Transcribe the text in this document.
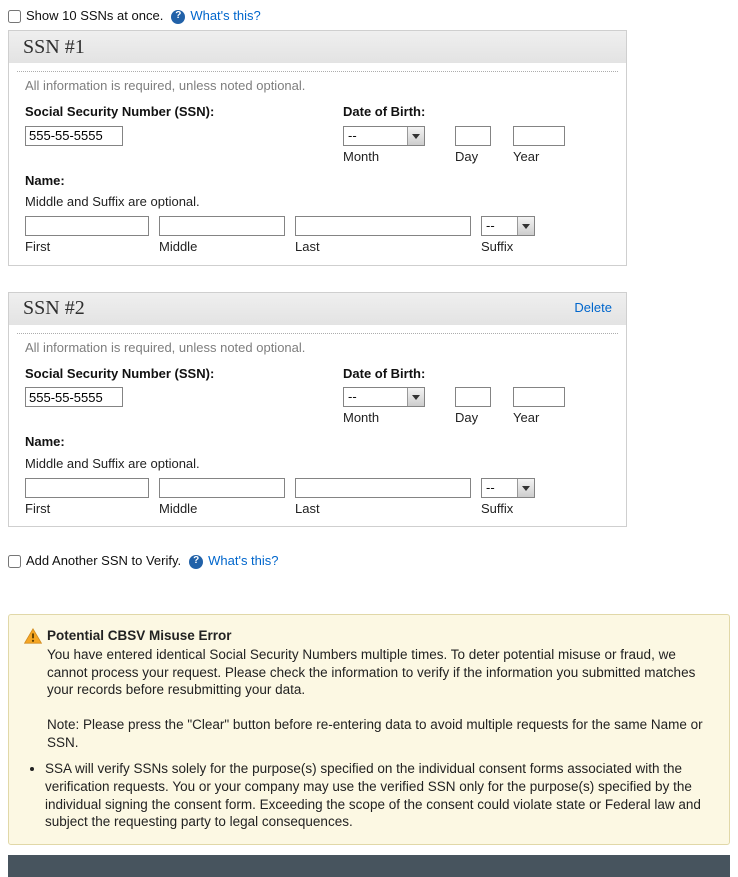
Show 10 SSNs at once.	? What's this?
SSN #1
All information is required, unless noted optional.
Social Security Number (SSN):
555-55-5555	Date of Birth:
--
Month	Day	Year
Name:
Middle and Suffix are optional.
First	Middle	Last
--
Suffix
SSN #2	Delete
All information is required, unless noted optional.
Social Security Number (SSN):
555-55-5555	Date of Birth:
--
Month	Day	Year
Name:
Middle and Suffix are optional.
First	Middle	Last
--
Suffix
Add Another SSN to Verify.	? What's this?
Potential CBSV Misuse Error

You have entered identical Social Security Numbers multiple times. To deter potential misuse or fraud, we cannot process your request. Please check the information to verify if the information you submitted matches your records before resubmitting your data.

Note: Please press the "Clear" button before re-entering data to avoid multiple requests for the same Name or SSN.

• SSA will verify SSNs solely for the purpose(s) specified on the individual consent forms associated with the verification requests. You or your company may use the verified SSN only for the purpose(s) specified by the individual signing the consent form. Exceeding the scope of the consent could violate state or Federal law and subject the requesting party to legal consequences.
